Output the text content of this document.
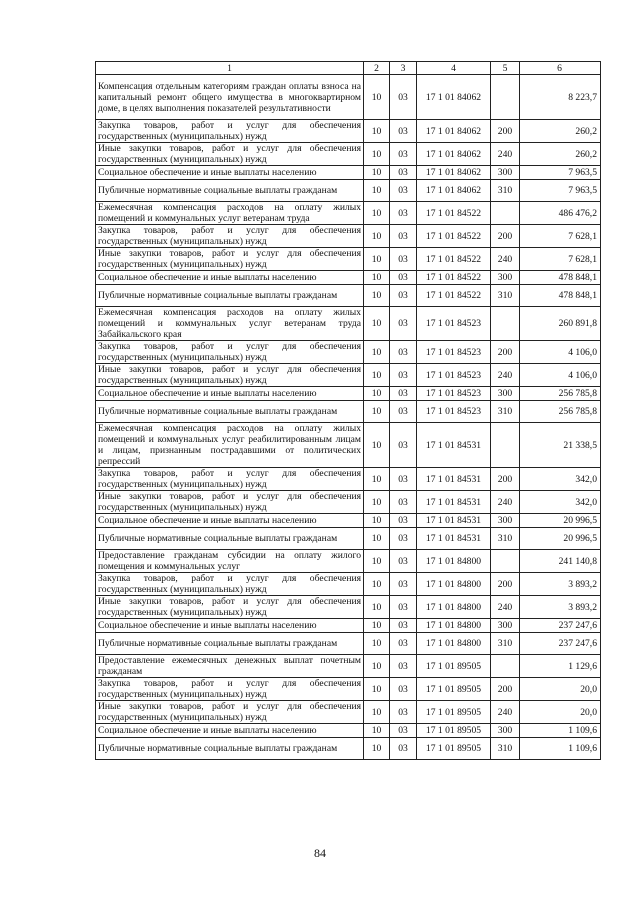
1	2	3	4	5	6
Компенсация отдельным категориям граждан оплаты взноса на капитальный ремонт общего имущества в многоквартирном доме, в целях выполнения показателей результативности	10	03	17 1 01 84062		8 223,7
Закупка товаров, работ и услуг для обеспечения государственных (муниципальных) нужд	10	03	17 1 01 84062	200	260,2
Иные закупки товаров, работ и услуг для обеспечения государственных (муниципальных) нужд	10	03	17 1 01 84062	240	260,2
Социальное обеспечение и иные выплаты населению	10	03	17 1 01 84062	300	7 963,5
Публичные нормативные социальные выплаты гражданам	10	03	17 1 01 84062	310	7 963,5
Ежемесячная компенсация расходов на оплату жилых помещений и коммунальных услуг ветеранам труда	10	03	17 1 01 84522		486 476,2
Закупка товаров, работ и услуг для обеспечения государственных (муниципальных) нужд	10	03	17 1 01 84522	200	7 628,1
Иные закупки товаров, работ и услуг для обеспечения государственных (муниципальных) нужд	10	03	17 1 01 84522	240	7 628,1
Социальное обеспечение и иные выплаты населению	10	03	17 1 01 84522	300	478 848,1
Публичные нормативные социальные выплаты гражданам	10	03	17 1 01 84522	310	478 848,1
Ежемесячная компенсация расходов на оплату жилых помещений и коммунальных услуг ветеранам труда Забайкальского края	10	03	17 1 01 84523		260 891,8
Закупка товаров, работ и услуг для обеспечения государственных (муниципальных) нужд	10	03	17 1 01 84523	200	4 106,0
Иные закупки товаров, работ и услуг для обеспечения государственных (муниципальных) нужд	10	03	17 1 01 84523	240	4 106,0
Социальное обеспечение и иные выплаты населению	10	03	17 1 01 84523	300	256 785,8
Публичные нормативные социальные выплаты гражданам	10	03	17 1 01 84523	310	256 785,8
Ежемесячная компенсация расходов на оплату жилых помещений и коммунальных услуг реабилитированным лицам и лицам, признанным пострадавшими от политических репрессий	10	03	17 1 01 84531		21 338,5
Закупка товаров, работ и услуг для обеспечения государственных (муниципальных) нужд	10	03	17 1 01 84531	200	342,0
Иные закупки товаров, работ и услуг для обеспечения государственных (муниципальных) нужд	10	03	17 1 01 84531	240	342,0
Социальное обеспечение и иные выплаты населению	10	03	17 1 01 84531	300	20 996,5
Публичные нормативные социальные выплаты гражданам	10	03	17 1 01 84531	310	20 996,5
Предоставление гражданам субсидии на оплату жилого помещения и коммунальных услуг	10	03	17 1 01 84800		241 140,8
Закупка товаров, работ и услуг для обеспечения государственных (муниципальных) нужд	10	03	17 1 01 84800	200	3 893,2
Иные закупки товаров, работ и услуг для обеспечения государственных (муниципальных) нужд	10	03	17 1 01 84800	240	3 893,2
Социальное обеспечение и иные выплаты населению	10	03	17 1 01 84800	300	237 247,6
Публичные нормативные социальные выплаты гражданам	10	03	17 1 01 84800	310	237 247,6
Предоставление ежемесячных денежных выплат почетным гражданам	10	03	17 1 01 89505		1 129,6
Закупка товаров, работ и услуг для обеспечения государственных (муниципальных) нужд	10	03	17 1 01 89505	200	20,0
Иные закупки товаров, работ и услуг для обеспечения государственных (муниципальных) нужд	10	03	17 1 01 89505	240	20,0
Социальное обеспечение и иные выплаты населению	10	03	17 1 01 89505	300	1 109,6
Публичные нормативные социальные выплаты гражданам	10	03	17 1 01 89505	310	1 109,6
84
